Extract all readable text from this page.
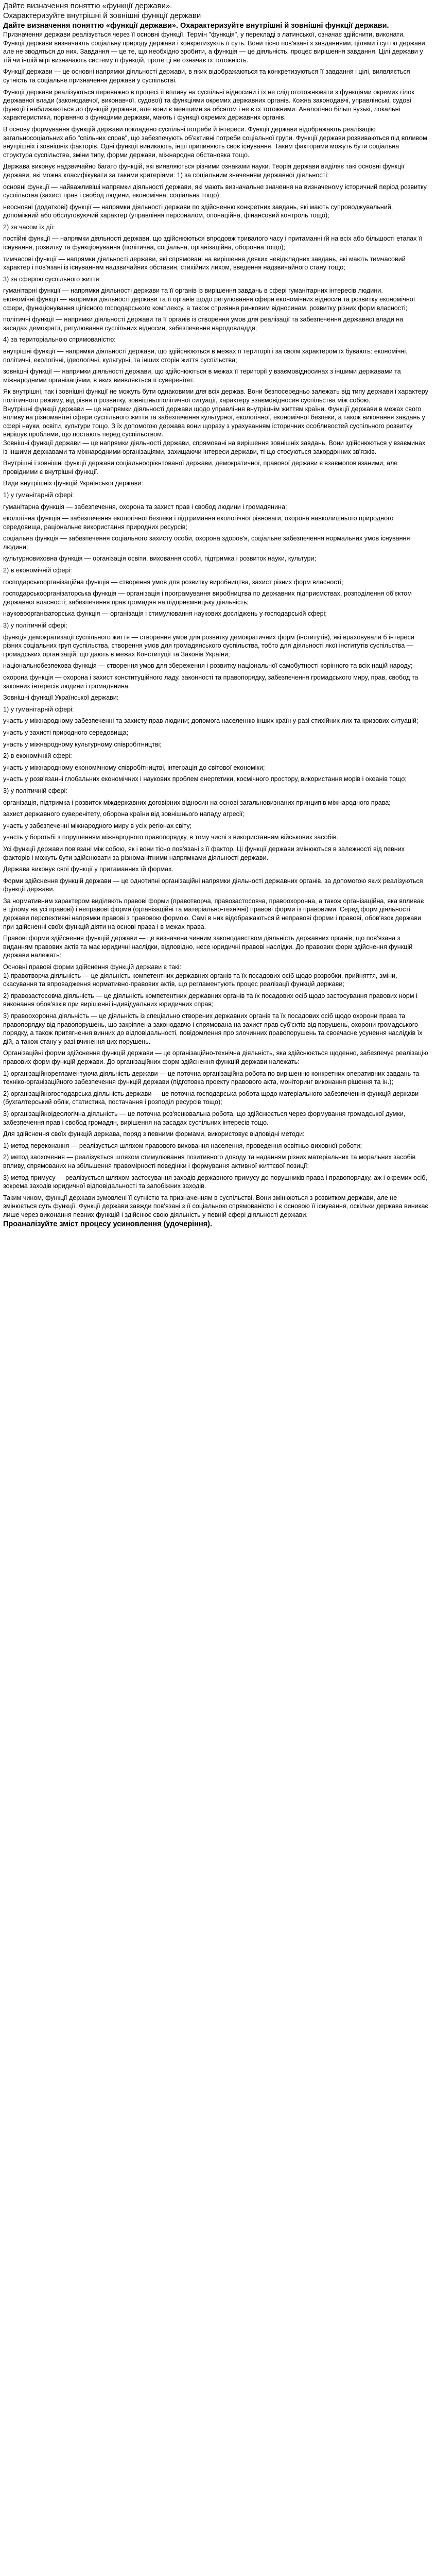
Дайте визначення поняттю «функції держави».
Охарактеризуйте внутрішні й зовнішні функції держави
Дайте визначення поняттю «функції держави». Охарактеризуйте внутрішні й зовнішні функції держави.

Призначення держави реалізується через її основні функції. Термін "функція", у перекладі з латинської, означає здійснити, виконати.

Функції держави визначають соціальну природу держави і конкретизують її суть. Вони тісно пов'язані з завданнями, цілями і суттю держави, але не зводяться до них. Завдання — це те, що необхідно зробити, а функція — це діяльність, процес вирішення завдання. Цілі держави у тій чи іншій мірі визначають систему її функцій, проте ці не означає їх тотожність.

Функції держави — це основні напрямки діяльності держави, в яких відображаються та конкретизуються її завдання і цілі, виявляється сутність та соціальне призначення держави у суспільстві.

Функції держави реалізуються переважно в процесі її впливу на суспільні відносини і їх не слід ототожнювати з функціями окремих гілок державної влади (законодавчої, виконавчої, судової) та функціями окремих державних органів. Кожна законодавчі, управлінські, судові функції і наближаються до функцій держави, але вони є меншими за обсягом і не є їх тотожними. Аналогічно більш вузькі, локальні характеристики, порівняно з функціями держави, мають і функції окремих державних органів.

В основу формування функцій держави покладено суспільні потреби й інтереси. Функції держави відображають реалізацію загальносоціальних або "спільних справ", що забезпечують об'єктивні потреби соціальної групи. Функції держави розвиваються під впливом внутрішніх і зовнішніх факторів. Одні функції виникають, інші припиняють своє існування. Таким факторами можуть бути соціальна структура суспільства, зміни типу, форми держави, міжнародна обстановка тощо.

Держава виконує надзвичайно багато функцій, які виявляються різними ознаками науки. Теорія держави виділяє такі основні функції держави, які можна класифікувати за такими критеріями: 1) за соціальним значенням державної діяльності:

основні функції — найважливіші напрямки діяльності держави, які мають визначальне значення на визначеному історичний період розвитку суспільства (захист прав і свобод людини, економічна, соціальна тощо);

неосновні (додаткові) функції — напрямки діяльності держави по здійсненню конкретних завдань, які мають супроводжувальний, допоміжний або обслуговуючий характер (управління персоналом, опонаційна, фінансовий контроль тощо);

2) за часом їх дії:

постійні функції — напрямки діяльності держави, що здійснюються впродовж тривалого часу і притаманні їй на всіх або більшості етапах її існування, розвитку та функціонування (політична, соціальна, організаційна, оборонна тощо);

тимчасові функції — напрямки діяльності держави, які спрямовані на вирішення деяких невідкладних завдань, які мають тимчасовий характер і пов'язані із існуванням надзвичайних обставин, стихійних лихом, введення надзвичайного стану тощо;

3) за сферою суспільного життя:

гуманітарні функції — напрямки діяльності держави та її органів із вирішення завдань в сфері гуманітарних інтересів людини.

економічні функції — напрямки діяльності держави та її органів щодо регулювання сфери економічних відносин та розвитку економічної сфери, функціонування цілісного господарського комплексу, а також сприяння ринковим відносинам, розвитку різних форм власності;

політичні функції — напрямки діяльності держави та її органів із створення умов для реалізації та забезпечення державної влади на засадах демократії, регулювання суспільних відносин, забезпечення народовладдя;

4) за територіальною спрямованістю:

внутрішні функції — напрямки діяльності держави, що здійснюються в межах її території і за своїм характером їх бувають: економічні, політичні, екологічні, ідеологічні, культурні, та інших сторін життя суспільства;

зовнішні функції — напрямки діяльності держави, що здійснюються в межах її території у взаємовідносинах з іншими державами та міжнародними організаціями, в яких виявляється її суверенітет.

Як внутрішні, так і зовнішні функції не можуть бути однаковими для всіх держав. Вони безпосередньо залежать від типу держави і характеру політичного режиму, від рівня її розвитку, зовнішньополітичної ситуації, характеру взаємовідносин суспільства між собою.

Внутрішні функції держави — це напрямки діяльності держави щодо управління внутрішнім життям країни. Функції держави в межах свого впливу на різноманітні сфери суспільного життя та забезпечення культурної, екологічної, економічної безпеки, а також виконання завдань у сфері науки, освіти, культури тощо. З їх допомогою держава вони щоразу з урахуванням історичних особливостей суспільного розвитку вирішує проблеми, що постають перед суспільством.

Зовнішні функції держави — це напрямки діяльності держави, спрямовані на вирішення зовнішніх завдань. Вони здійснюються у взаєминах із іншими державами та міжнародними організаціями, захищаючи інтереси держави, ті що стосуються закордонних зв'язків.

Внутрішні і зовнішні функції держави соціальноорієнтованої держави, демократичної, правової держави є взаємопов'язаними, але провідними є внутрішні функції.

Види внутрішніх функцій Української держави:

1) у гуманітарній сфері:

гуманітарна функція — забезпечення, охорона та захист прав і свобод людини і громадянина;

екологічна функція — забезпечення екологічної безпеки і підтримання екологічної рівноваги, охорона навколишнього природного середовища, раціональне використання природних ресурсів;

соціальна функція — забезпечення соціального захисту особи, охорона здоров'я, соціальне забезпечення нормальних умов існування людини;

культурновиховна функція — організація освіти, виховання особи, підтримка і розвиток науки, культури;

2) в економічній сфері:

господарськоорганізаційна функція — створення умов для розвитку виробництва, захист різних форм власності;

господарськоорганізаторська функція — організація і програмування виробництва по державних підприємствах, розподілення об'єктом державної власності; забезпечення прав громадян на підприємницьку діяльність;

науковоорганізаторська функція — організація і стимулювання наукових досліджень у господарській сфері;

3) у політичній сфері:

функція демократизації суспільного життя — створення умов для розвитку демократичних форм (інститутів), які враховували б інтереси різних соціальних груп суспільства, створення умов для громадянського суспільства, тобто для діяльності якої інститутів суспільства — громадських організацій, що дають в межах Конституції та Законів України;

національнобезпекова функція — створення умов для збереження і розвитку національної самобутності корінного та всіх націй народу;

охорона функція — охорона і захист конституційного ладу, законності та правопорядку, забезпечення громадського миру, прав, свобод та законних інтересів людини і громадянина.

Зовнішні функції Української держави:

1) у гуманітарній сфері:

участь у міжнародному забезпеченні та захисту прав людини; допомога населенню інших країн у разі стихійних лих та кризових ситуацій;

участь у захисті природного середовища;

участь у міжнародному культурному співробітництві;

2) в економічній сфері:

участь у міжнародному економічному співробітництві, інтеграція до світової економіки;

участь у розв'язанні глобальних економічних і наукових проблем енергетики, космічного простору, використання морів і океанів тощо;

3) у політичній сфері:

організація, підтримка і розвиток міждержавних договірних відносин на основі загальновизнаних принципів міжнародного права;

захист державного суверенітету, оборона країни від зовнішнього нападу агресії;

участь у забезпеченні міжнародного миру в усіх регіонах світу;

участь у боротьбі з порушенням міжнародного правопорядку, в тому числі з використанням військових засобів.

Усі функції держави пов'язані між собою, як і вони тісно пов'язані з її фактор. Ці функції держави змінюються в залежності від певних факторів і можуть бути здійснювати за різноманітними напрямками діяльності держави.

Держава виконує свої функції у притаманних їй формах.

Форми здійснення функцій держави — це однотипні організаційні напрямки діяльності державних органів, за допомогою яких реалізуються функції держави.

За нормативним характером виділяють правові форми (правотворча, правозастосовча, правоохоронна, а також організаційна, яка впливає в цілому на усі правові) і неправові форми (організаційні та матеріально-технічні) правові форми із правовими. Серед форм діяльності держави перспективні напрямки правові з правовою формою. Самі в них відображаються й неправові форми і правові, обов'язок держави при здійсненні своїх функцій діяти на основі права і в межах права.

Правові форми здійснення функцій держави — це визначена чинним законодавством діяльність державних органів, що пов'язана з виданням правових актів та має юридичні наслідки, відповідно, несе юридичні правові наслідки. До правових форм здійснення функцій держави належать:

Основні правові форми здійснення функцій держави є такі:

1) правотворча діяльність — це діяльність компетентних державних органів та їх посадових осіб щодо розробки, прийняття, зміни, скасування та впровадження нормативно-правових актів, що регламентують процес реалізації функцій держави;

2) правозастосовча діяльність — це діяльність компетентних державних органів та їх посадових осіб щодо застосування правових норм і виконання обов'язків при вирішенні індивідуальних юридичних справ;

3) правоохоронна діяльність — це діяльність із спеціально створених державних органів та їх посадових осіб щодо охорони права та правопорядку від правопорушень, що закріплена законодавчо і спрямована на захист прав суб'єктів від порушень, охорони громадського порядку, а також притягнення винних до відповідальності, повідомлення про злочинних правопорушень та своєчасне усунення наслідків їх дій, а також стану у разі вчинення цих порушень.

Організаційні форми здійснення функцій держави — це організаційно-технічна діяльність, яка здійснюється щоденно, забезпечує реалізацію правових форм функцій держави. До організаційних форм здійснення функцій держави належать:

1) організаційнорегламентуюча діяльність держави — це поточна організаційна робота по вирішенню конкретних оперативних завдань та техніко-організаційного забезпечення функцій держави (підготовка проекту правового акта, моніторинг виконання рішення та ін.);

2) організаційногосподарська діяльність держави — це поточна господарська робота щодо матеріального забезпечення функцій держави (бухгалтерський облік, статистика, постачання і розподіл ресурсів тощо);

3) організаційноідеологічна діяльність — це поточна роз'яснювальна робота, що здійснюється через формування громадської думки, забезпечення прав і свобод громадян, вирішення на засадах суспільних інтересів тощо.

Для здійснення своїх функцій держава, поряд з певними формами, використовує відповідні методи:

1) метод переконання — реалізується шляхом правового виховання населення, проведення освітньо-виховної роботи;

2) метод заохочення — реалізується шляхом стимулювання позитивного доводу та наданням різних матеріальних та моральних засобів впливу, спрямованих на збільшення правомірності поведінки і формування активної життєвої позиції;

3) метод примусу — реалізується шляхом застосування заходів державного примусу до порушників права і правопорядку, аж і окремих осіб, зокрема заходів юридичної відповідальності та запобіжних заходів.

Таким чином, функції держави зумовлені її сутністю та призначенням в суспільстві. Вони змінюються з розвитком держави, але не змінюється суть функції. Функції держави завжди пов'язані з її соціальною спрямованістю і є основою її існування, оскільки держава виникає лише через виконання певних функцій і здійснює свою діяльність у певній сфері діяльності держави.

Проаналізуйте зміст процесу усиновлення (удочеріння).
